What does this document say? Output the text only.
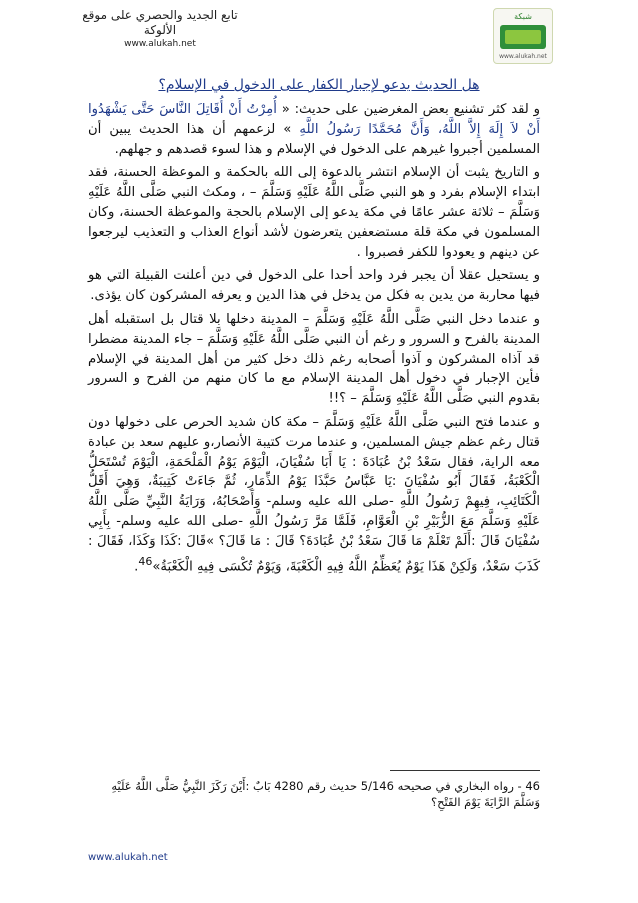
تابع الجديد والحصري على موقع
الألوكة
www.alukah.net
شبكة
www.alukah.net
هل الحديث يدعو لإجبار الكفار على الدخول في الإسلام؟

و لقد كثر تشنيع بعض المغرضين على حديث: « أُمِرْتُ أَنْ أُقَاتِلَ النَّاسَ حَتَّى يَشْهَدُوا أَنْ لاَ إِلَهَ إِلاَّ اللَّهُ، وَأَنَّ مُحَمَّدًا رَسُولُ اللَّهِ » لزعمهم أن هذا الحديث يبين أن المسلمين أجبروا غيرهم على الدخول في الإسلام و هذا لسوء قصدهم و جهلهم.

و التاريخ يثبت أن الإسلام انتشر بالدعوة إلى الله بالحكمة و الموعظة الحسنة، فقد ابتداء الإسلام بفرد و هو النبي صَلَّى اللَّهُ عَلَيْهِ وَسَلَّمَ – ، ومكث النبي صَلَّى اللَّهُ عَلَيْهِ وَسَلَّمَ – ثلاثة عشر عامًا في مكة يدعو إلى الإسلام بالحجة والموعظة الحسنة، وكان المسلمون في مكة قلة مستضعفين يتعرضون لأشد أنواع العذاب و التعذيب ليرجعوا عن دينهم و يعودوا للكفر فصبروا .

و يستحيل عقلا أن يجبر فرد واحد أحدا على الدخول في دين أعلنت القبيلة التي هو فيها محاربة من يدين به فكل من يدخل في هذا الدين و يعرفه المشركون كان يؤذى.

و عندما دخل النبي صَلَّى اللَّهُ عَلَيْهِ وَسَلَّمَ – المدينة دخلها بلا قتال بل استقبله أهل المدينة بالفرح و السرور و رغم أن النبي صَلَّى اللَّهُ عَلَيْهِ وَسَلَّمَ – جاء المدينة مضطرا قد آذاه المشركون و آذوا أصحابه رغم ذلك دخل كثير من أهل المدينة في الإسلام فأين الإجبار في دخول أهل المدينة الإسلام مع ما كان منهم من الفرح و السرور بقدوم النبي صَلَّى اللَّهُ عَلَيْهِ وَسَلَّمَ – ؟!!

و عندما فتح النبي صَلَّى اللَّهُ عَلَيْهِ وَسَلَّمَ – مكة كان شديد الحرص على دخولها دون قتال رغم عظم جيش المسلمين، و عندما مرت كتيبة الأنصار،و عليهم سعد بن عبادة معه الراية، فقال سَعْدُ بْنُ عُبَادَةَ : يَا أَبَا سُفْيَانَ، الْيَوْمَ يَوْمُ الْمَلْحَمَةِ، الْيَوْمَ تُسْتَحَلُّ الْكَعْبَةُ، فَقَالَ أَبُو سُفْيَانَ :يَا عَبَّاسُ حَبَّذَا يَوْمُ الذِّمَارِ، ثُمَّ جَاءَتْ كَتِيبَةٌ، وَهِيَ أَقَلُّ الْكَتَائِبِ، فِيهِمْ رَسُولُ اللَّهِ -صلى الله عليه وسلم- وَأَصْحَابُهُ، وَرَايَةُ النَّبِيِّ صَلَّى اللَّهُ عَلَيْهِ وَسَلَّمَ مَعَ الزُّبَيْرِ بْنِ الْعَوَّامِ، فَلَمَّا مَرَّ رَسُولُ اللَّهِ -صلى الله عليه وسلم- بِأَبِي سُفْيَانَ قَالَ :أَلَمْ تَعْلَمْ مَا قَالَ سَعْدُ بْنُ عُبَادَةَ؟ قَالَ : مَا قَالَ؟ »قَالَ :كَذَا وَكَذَا، فَقَالَ : كَذَبَ سَعْدٌ، وَلَكِنْ هَذَا يَوْمٌ يُعَظِّمُ اللَّهُ فِيهِ الْكَعْبَةَ، وَيَوْمٌ تُكْسَى فِيهِ الْكَعْبَةُ»$^{46}$.

46 - رواه البخاري في صحيحه 5/146 حديث رقم 4280 بَابٌ :أَيْنَ رَكَزَ النَّبِيُّ صَلَّى اللَّهُ عَلَيْهِ وَسَلَّمَ الرَّايَةَ يَوْمَ الفَتْحِ؟
www.alukah.net
